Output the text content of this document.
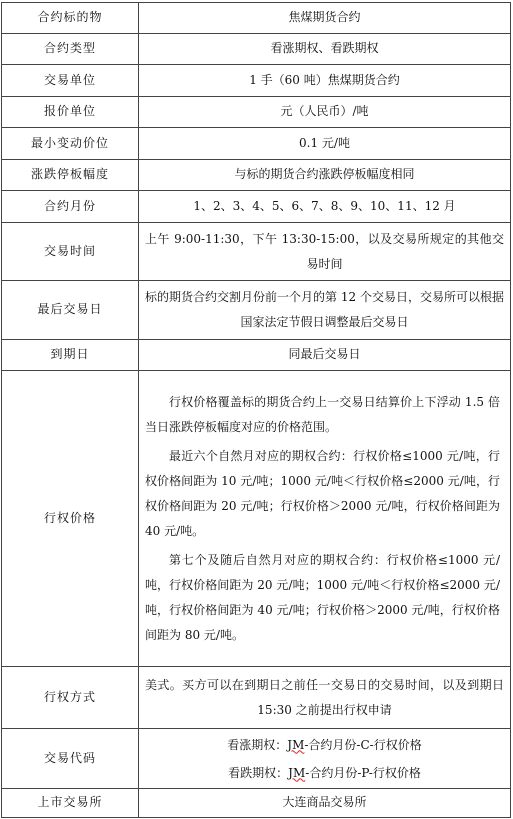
合约标的物	焦煤期货合约
合约类型	看涨期权、看跌期权
交易单位	1 手（60 吨）焦煤期货合约
报价单位	元（人民币）/吨
最小变动价位	0.1 元/吨
涨跌停板幅度	与标的期货合约涨跌停板幅度相同
合约月份	1、2、3、4、5、6、7、8、9、10、11、12 月
交易时间	上午 9:00-11:30，下午 13:30-15:00，以及交易所规定的其他交易时间
最后交易日	标的期货合约交割月份前一个月的第 12 个交易日，交易所可以根据国家法定节假日调整最后交易日
到期日	同最后交易日
行权价格	行权价格覆盖标的期货合约上一交易日结算价上下浮动 1.5 倍当日涨跌停板幅度对应的价格范围。

最近六个自然月对应的期权合约：行权价格≤1000 元/吨，行权价格间距为 10 元/吨；1000 元/吨＜行权价格≤2000 元/吨，行权价格间距为 20 元/吨；行权价格＞2000 元/吨，行权价格间距为 40 元/吨。

第七个及随后自然月对应的期权合约：行权价格≤1000 元/吨，行权价格间距为 20 元/吨；1000 元/吨＜行权价格≤2000 元/吨，行权价格间距为 40 元/吨；行权价格＞2000 元/吨，行权价格间距为 80 元/吨。

行权方式	美式。买方可以在到期日之前任一交易日的交易时间，以及到期日 15:30 之前提出行权申请
交易代码	看涨期权：JM-合约月份-C-行权价格
看跌期权：JM-合约月份-P-行权价格

上市交易所	大连商品交易所
